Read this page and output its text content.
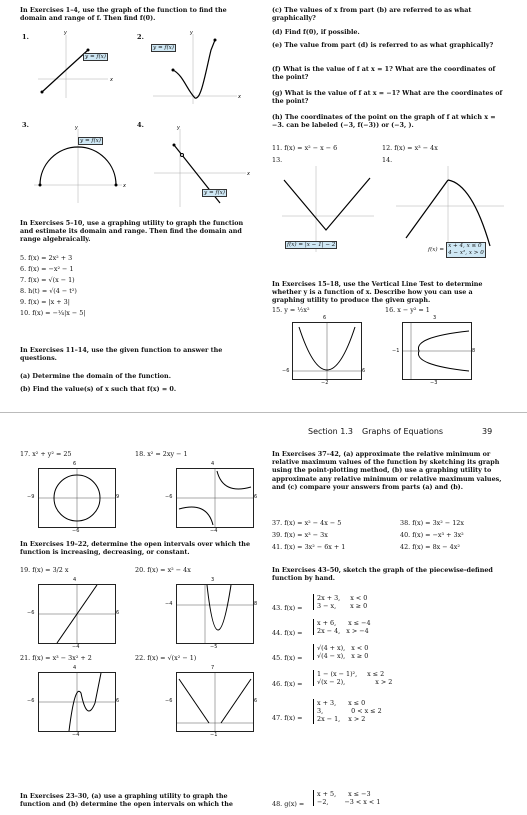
In Exercises 1–4, use the graph of the function to find the domain and range of f. Then find f(0).
1.	y
x
y = f(x)
2.	y
x
y = f(x)
3.	y
x
y = f(x)
4.	y
x
y = f(x)
In Exercises 5–10, use a graphing utility to graph the function and estimate its domain and range. Then find the domain and range algebraically.
5. f(x) = 2x² + 3
6. f(x) = −x² − 1
7. f(x) = √(x − 1)
8. h(t) = √(4 − t²)
9. f(x) = |x + 3|
10. f(x) = −¼|x − 5|
In Exercises 11–14, use the given function to answer the questions.
(a) Determine the domain of the function.
(b) Find the value(s) of x such that f(x) = 0.
(c) The values of x from part (b) are referred to as what graphically?
(d) Find f(0), if possible.
(e) The value from part (d) is referred to as what graphically?
(f) What is the value of f at x = 1? What are the coordinates of the point?
(g) What is the value of f at x = −1? What are the coordinates of the point?
(h) The coordinates of the point on the graph of f at which x = −3. can be labeled (−3, f(−3)) or (−3, ).
11. f(x) = x² − x − 6	12. f(x) = x³ − 4x
13.	14.
f(x) = |x − 1| − 2
f(x) =
x + 4, x ≤ 0
4 − x², x > 0
In Exercises 15–18, use the Vertical Line Test to determine whether y is a function of x. Describe how you can use a graphing utility to produce the given graph.
15. y = ½x²	16. x − y² = 1
6
−6	6
−2
3
−1	8
−3
Section 1.3 Graphs of Equations	39
17. x² + y² = 25	18. x² = 2xy − 1
6
−9	9
−6
4
−6	6
−4
In Exercises 19–22, determine the open intervals over which the function is increasing, decreasing, or constant.
19. f(x) = 3/2 x	20. f(x) = x² − 4x
4
−6	6
−4
3
−4	8
−5
21. f(x) = x³ − 3x² + 2	22. f(x) = √(x² − 1)
4
−6	6
−4
7
−6	6
−1
In Exercises 23–30, (a) use a graphing utility to graph the function and (b) determine the open intervals on which the
In Exercises 37–42, (a) approximate the relative minimum or relative maximum values of the function by sketching its graph using the point-plotting method, (b) use a graphing utility to approximate any relative minimum or relative maximum values, and (c) compare your answers from parts (a) and (b).
37. f(x) = x² − 4x − 5	38. f(x) = 3x² − 12x
39. f(x) = x³ − 3x	40. f(x) = −x³ + 3x²
41. f(x) = 3x² − 6x + 1	42. f(x) = 8x − 4x²
In Exercises 43–50, sketch the graph of the piecewise-defined function by hand.
43. f(x) =
2x + 3, x < 0
3 − x, x ≥ 0
44. f(x) =
x + 6, x ≤ −4
2x − 4, x > −4
45. f(x) =
√(4 + x), x < 0
√(4 − x), x ≥ 0
46. f(x) =
1 − (x − 1)², x ≤ 2
√(x − 2),	x > 2
47. f(x) =
x + 3, x ≤ 0
3,	0 < x ≤ 2
2x − 1, x > 2
48. g(x) =
x + 5, x ≤ −3
−2,	−3 < x < 1
